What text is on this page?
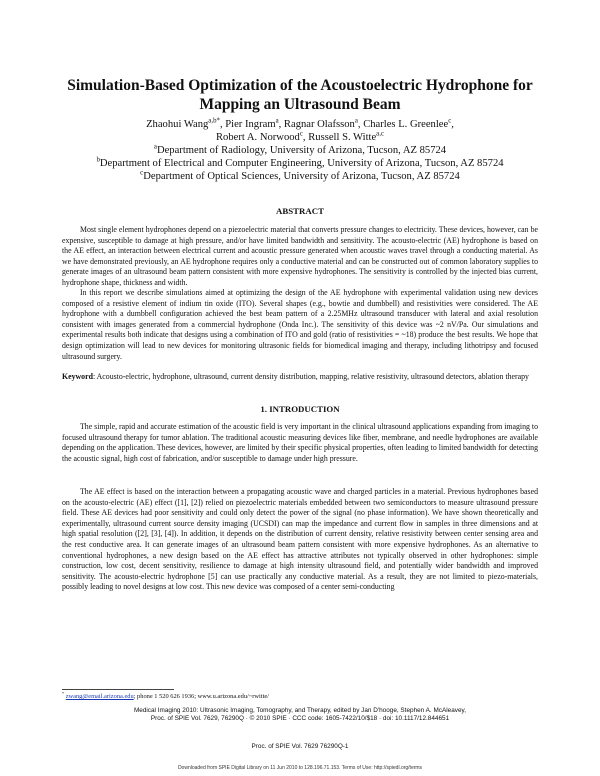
Simulation-Based Optimization of the Acoustoelectric Hydrophone for Mapping an Ultrasound Beam
Zhaohui Wang$^{a,b*}$, Pier Ingram$^a$, Ragnar Olafsson$^a$, Charles L. Greenlee$^c$,
Robert A. Norwood$^c$, Russell S. Witte$^{a,c}$
$^a$Department of Radiology, University of Arizona, Tucson, AZ 85724
$^b$Department of Electrical and Computer Engineering, University of Arizona, Tucson, AZ 85724
$^c$Department of Optical Sciences, University of Arizona, Tucson, AZ 85724
ABSTRACT
Most single element hydrophones depend on a piezoelectric material that converts pressure changes to electricity. These devices, however, can be expensive, susceptible to damage at high pressure, and/or have limited bandwidth and sensitivity. The acousto-electric (AE) hydrophone is based on the AE effect, an interaction between electrical current and acoustic pressure generated when acoustic waves travel through a conducting material. As we have demonstrated previously, an AE hydrophone requires only a conductive material and can be constructed out of common laboratory supplies to generate images of an ultrasound beam pattern consistent with more expensive hydrophones. The sensitivity is controlled by the injected bias current, hydrophone shape, thickness and width.
In this report we describe simulations aimed at optimizing the design of the AE hydrophone with experimental validation using new devices composed of a resistive element of indium tin oxide (ITO). Several shapes (e.g., bowtie and dumbbell) and resistivities were considered. The AE hydrophone with a dumbbell configuration achieved the best beam pattern of a 2.25MHz ultrasound transducer with lateral and axial resolution consistent with images generated from a commercial hydrophone (Onda Inc.). The sensitivity of this device was ~2 nV/Pa. Our simulations and experimental results both indicate that designs using a combination of ITO and gold (ratio of resistivities = ~18) produce the best results. We hope that design optimization will lead to new devices for monitoring ultrasonic fields for biomedical imaging and therapy, including lithotripsy and focused ultrasound surgery.
Keyword: Acousto-electric, hydrophone, ultrasound, current density distribution, mapping, relative resistivity, ultrasound detectors, ablation therapy
1. INTRODUCTION
The simple, rapid and accurate estimation of the acoustic field is very important in the clinical ultrasound applications expanding from imaging to focused ultrasound therapy for tumor ablation. The traditional acoustic measuring devices like fiber, membrane, and needle hydrophones are available depending on the application. These devices, however, are limited by their specific physical properties, often leading to limited bandwidth for detecting the acoustic signal, high cost of fabrication, and/or susceptible to damage under high pressure.
The AE effect is based on the interaction between a propagating acoustic wave and charged particles in a material. Previous hydrophones based on the acousto-electric (AE) effect ([1], [2]) relied on piezoelectric materials embedded between two semiconductors to measure ultrasound pressure field. These AE devices had poor sensitivity and could only detect the power of the signal (no phase information). We have shown theoretically and experimentally, ultrasound current source density imaging (UCSDI) can map the impedance and current flow in samples in three dimensions and at high spatial resolution ([2], [3], [4]). In addition, it depends on the distribution of current density, relative resistivity between center sensing area and the rest conductive area. It can generate images of an ultrasound beam pattern consistent with more expensive hydrophones. As an alternative to conventional hydrophones, a new design based on the AE effect has attractive attributes not typically observed in other hydrophones: simple construction, low cost, decent sensitivity, resilience to damage at high intensity ultrasound field, and potentially wider bandwidth and improved sensitivity. The acousto-electric hydrophone [5] can use practically any conductive material. As a result, they are not limited to piezo-materials, possibly leading to novel designs at low cost. This new device was composed of a center semi-conducting
* zwang@email.arizona.edu; phone 1 520 626 1936; www.u.arizona.edu/~rwitte/
Medical Imaging 2010: Ultrasonic Imaging, Tomography, and Therapy, edited by Jan D'hooge, Stephen A. McAleavey,
Proc. of SPIE Vol. 7629, 76290Q · © 2010 SPIE · CCC code: 1605-7422/10/$18 · doi: 10.1117/12.844651
Proc. of SPIE Vol. 7629 76290Q-1
Downloaded from SPIE Digital Library on 11 Jun 2010 to 128.196.71.153. Terms of Use: http://spiedl.org/terms
